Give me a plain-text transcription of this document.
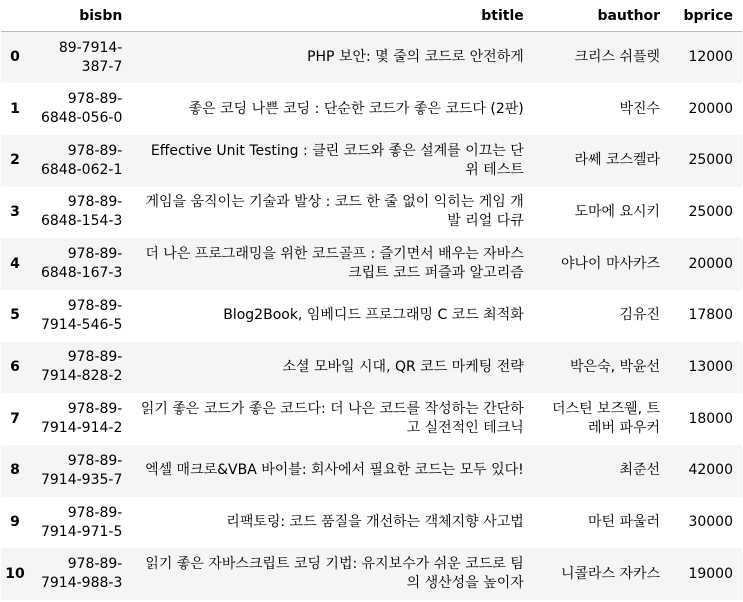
	bisbn	btitle	bauthor	bprice
0	89-7914-387-7	PHP 보안: 몇 줄의 코드로 안전하게	크리스 쉬플렛	12000
1	978-89-6848-056-0	좋은 코딩 나쁜 코딩 : 단순한 코드가 좋은 코드다 (2판)	박진수	20000
2	978-89-6848-062-1	Effective Unit Testing : 클린 코드와 좋은 설계를 이끄는 단위 테스트	라쎄 코스켈라	25000
3	978-89-6848-154-3	게임을 움직이는 기술과 발상 : 코드 한 줄 없이 익히는 게임 개발 리얼 다큐	도마에 요시키	25000
4	978-89-6848-167-3	더 나은 프로그래밍을 위한 코드골프 : 즐기면서 배우는 자바스크립트 코드 퍼즐과 알고리즘	야나이 마사카즈	20000
5	978-89-7914-546-5	Blog2Book, 임베디드 프로그래밍 C 코드 최적화	김유진	17800
6	978-89-7914-828-2	소셜 모바일 시대, QR 코드 마케팅 전략	박은숙, 박윤선	13000
7	978-89-7914-914-2	읽기 좋은 코드가 좋은 코드다: 더 나은 코드를 작성하는 간단하고 실전적인 테크닉	더스틴 보즈웰, 트레버 파우커	18000
8	978-89-7914-935-7	엑셀 매크로&VBA 바이블: 회사에서 필요한 코드는 모두 있다!	최준선	42000
9	978-89-7914-971-5	리팩토링: 코드 품질을 개선하는 객체지향 사고법	마틴 파울러	30000
10	978-89-7914-988-3	읽기 좋은 자바스크립트 코딩 기법: 유지보수가 쉬운 코드로 팀의 생산성을 높이자	니콜라스 자카스	19000
